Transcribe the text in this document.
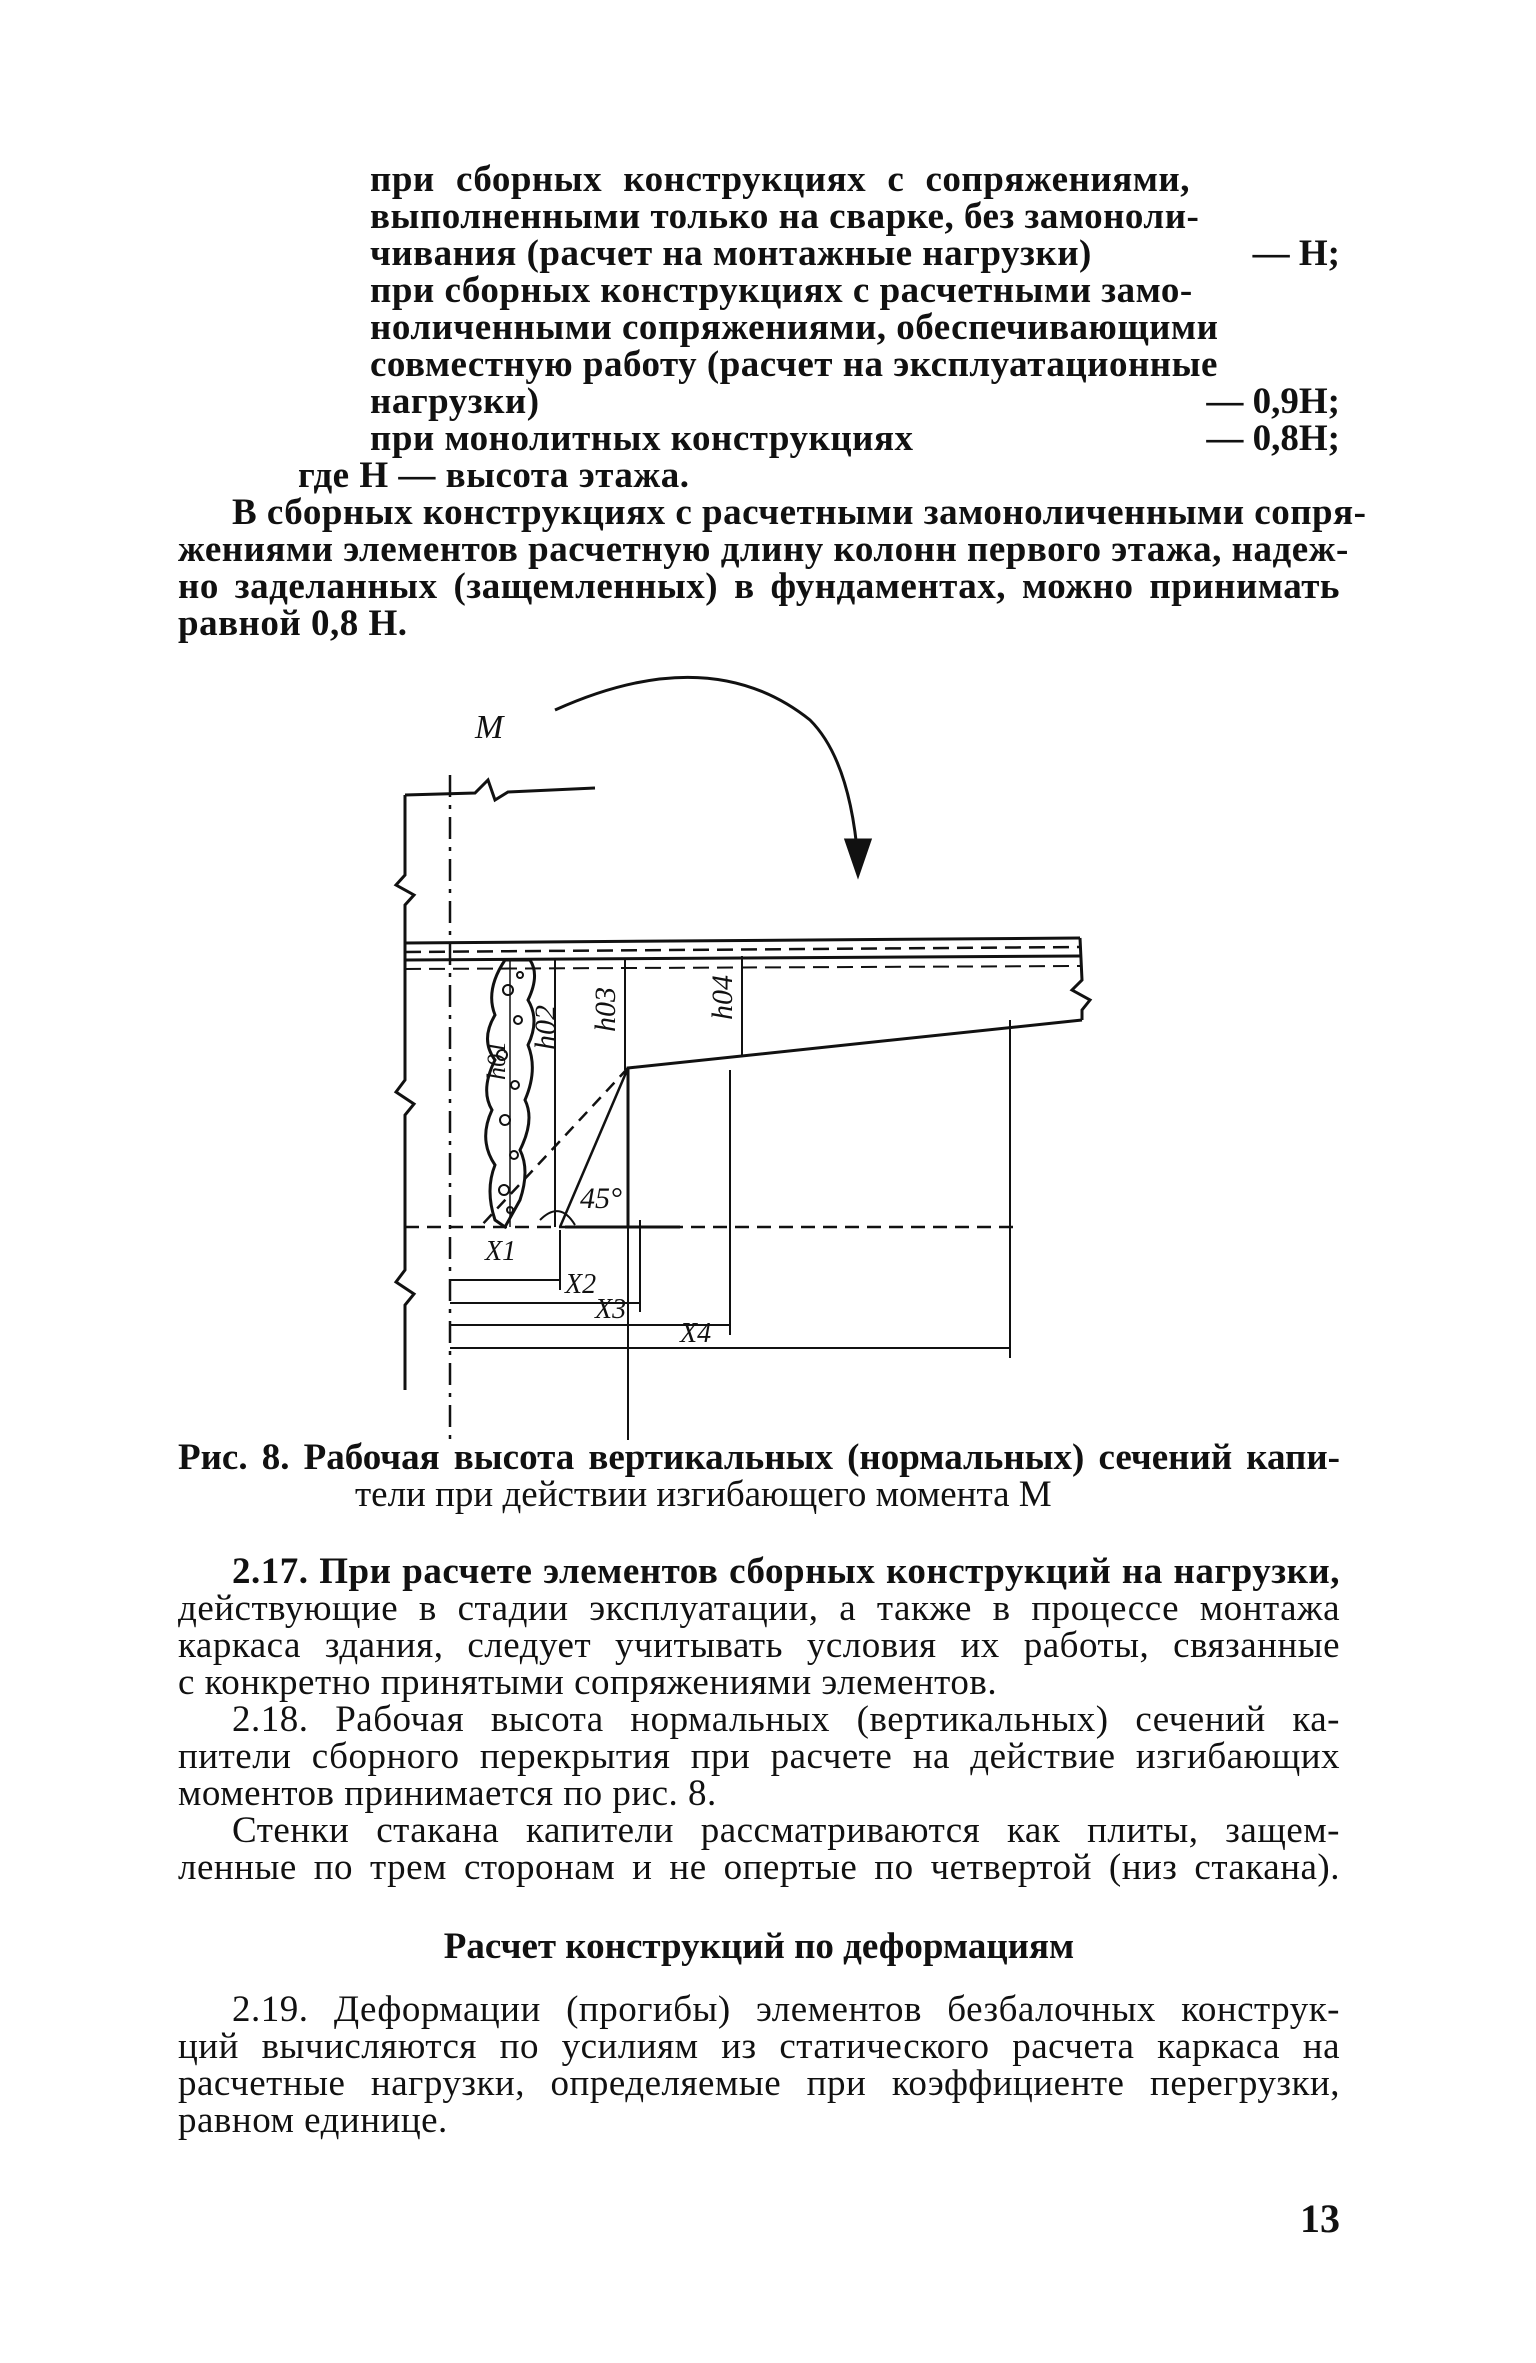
при сборных конструкциях с сопряжениями,
выполненными только на сварке, без замоноли-
чивания (расчет на монтажные нагрузки)	— H;
при сборных конструкциях с расчетными замо-
ноличенными сопряжениями, обеспечивающими
совместную работу (расчет на эксплуатационные
нагрузки)	— 0,9H;
при монолитных конструкциях	— 0,8H;
где H — высота этажа.
В сборных конструкциях с расчетными замоноличенными сопря-
жениями элементов расчетную длину колонн первого этажа, надеж-
но заделанных (защемленных) в фундаментах, можно принимать
равной 0,8 H.
M
h01
h02 h03	h04
45°
X1
X2
X3
X4
Рис. 8. Рабочая высота вертикальных (нормальных) сечений капи-
тели при действии изгибающего момента M
2.17. При расчете элементов сборных конструкций на нагрузки,
действующие в стадии эксплуатации, а также в процессе монтажа
каркаса здания, следует учитывать условия их работы, связанные
с конкретно принятыми сопряжениями элементов.
2.18. Рабочая высота нормальных (вертикальных) сечений ка-
пители сборного перекрытия при расчете на действие изгибающих
моментов принимается по рис. 8.
Стенки стакана капители рассматриваются как плиты, защем-
ленные по трем сторонам и не опертые по четвертой (низ стакана).
Расчет конструкций по деформациям
2.19. Деформации (прогибы) элементов безбалочных конструк-
ций вычисляются по усилиям из статического расчета каркаса на
расчетные нагрузки, определяемые при коэффициенте перегрузки,
равном единице.
13
